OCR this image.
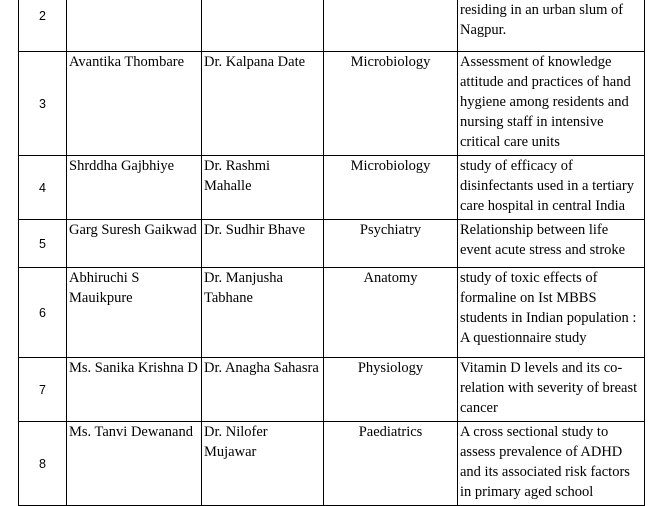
2				residing in an urban slum of Nagpur.
3	Avantika Thombare	Dr. Kalpana Date	Microbiology	Assessment of knowledge attitude and practices of hand hygiene among residents and nursing staff in intensive critical care units
4	Shrddha Gajbhiye	Dr. Rashmi Mahalle	Microbiology	study of efficacy of disinfectants used in a tertiary care hospital in central India
5	Garg Suresh Gaikwad	Dr. Sudhir Bhave	Psychiatry	Relationship between life event acute stress and stroke
6	Abhiruchi S Mauikpure	Dr. Manjusha Tabhane	Anatomy	study of toxic effects of formaline on Ist MBBS students in Indian population : A questionnaire study
7	Ms. Sanika Krishna D	Dr. Anagha Sahasra	Physiology	Vitamin D levels and its co-relation with severity of breast cancer
8	Ms. Tanvi Dewanand	Dr. Nilofer Mujawar	Paediatrics	A cross sectional study to assess prevalence of ADHD and its associated risk factors in primary aged school
